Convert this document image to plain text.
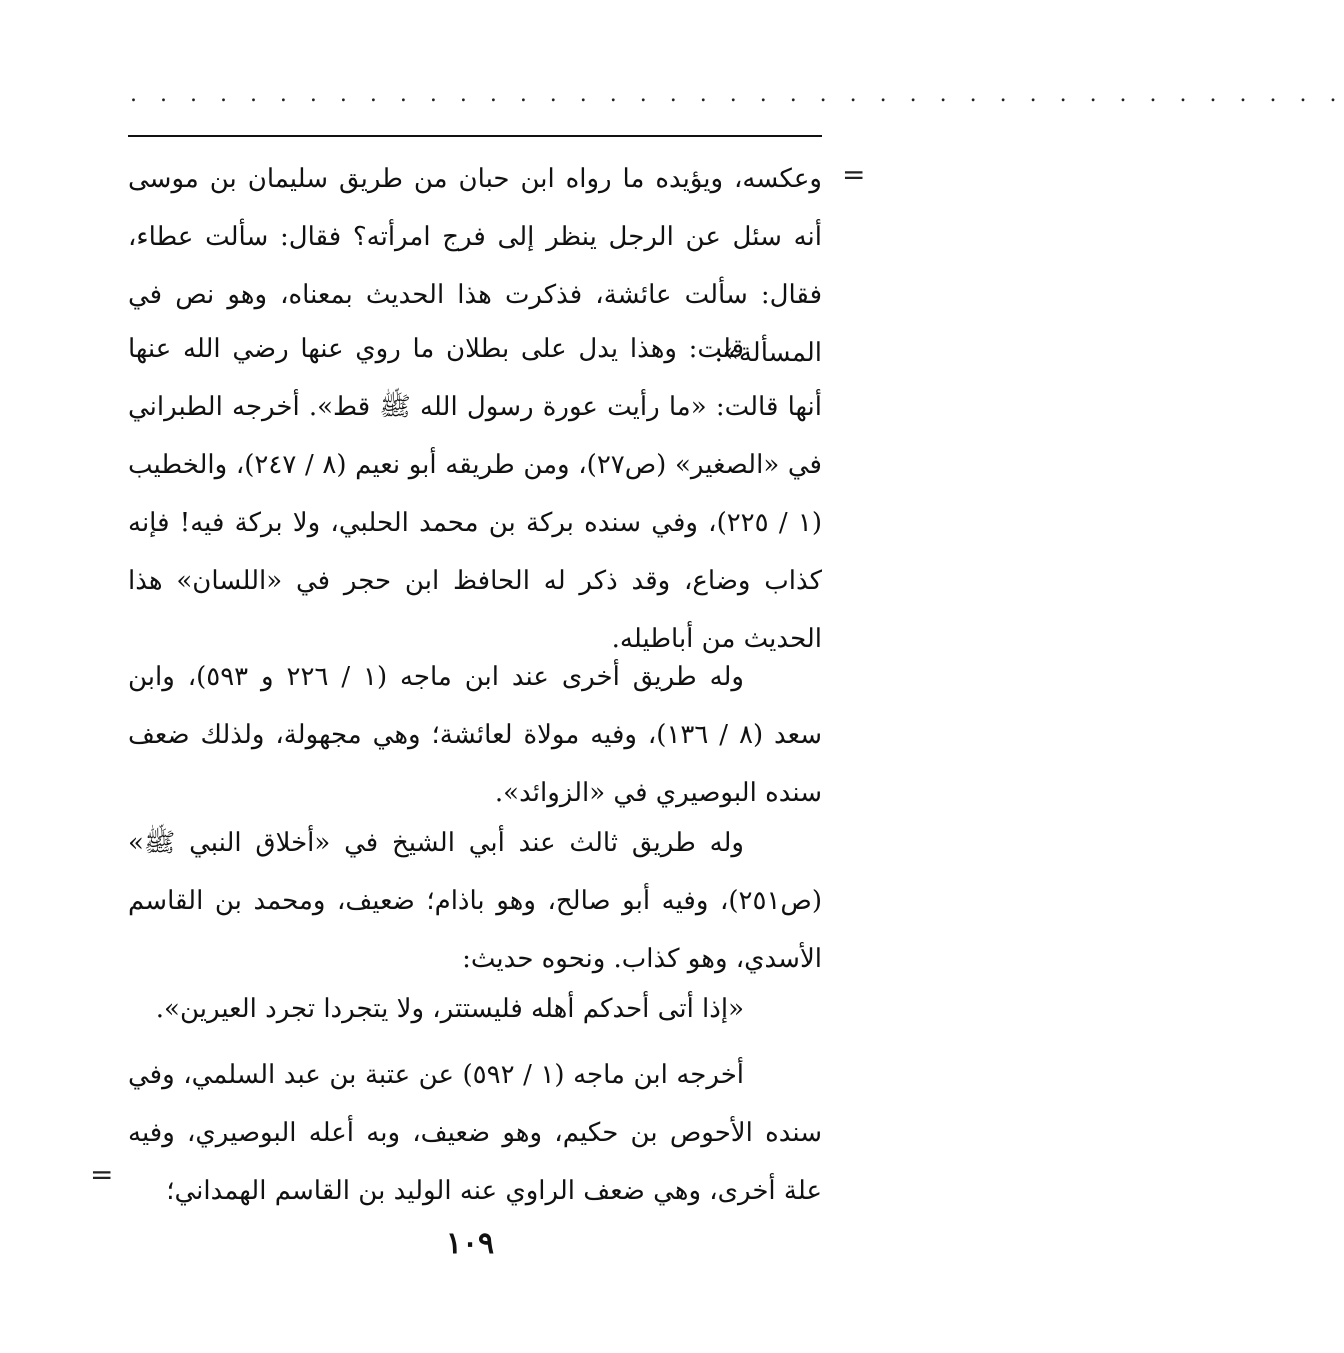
. . . . . . . . . . . . . . . . . . . . . . . . . . . . . . . . . . . . . . . . .
=

وعكسه، ويؤيده ما رواه ابن حبان من طريق سليمان بن موسى أنه سئل عن الرجل ينظر إلى فرج امرأته؟ فقال: سألت عطاء، فقال: سألت عائشة، فذكرت هذا الحديث بمعناه، وهو نص في المسألة».

قلت: وهذا يدل على بطلان ما روي عنها رضي الله عنها أنها قالت: «ما رأيت عورة رسول الله ﷺ قط». أخرجه الطبراني في «الصغير» (ص٢٧)، ومن طريقه أبو نعيم (٨ / ٢٤٧)، والخطيب (١ / ٢٢٥)، وفي سنده بركة بن محمد الحلبي، ولا بركة فيه! فإنه كذاب وضاع، وقد ذكر له الحافظ ابن حجر في «اللسان» هذا الحديث من أباطيله.

وله طريق أخرى عند ابن ماجه (١ / ٢٢٦ و ٥٩٣)، وابن سعد (٨ / ١٣٦)، وفيه مولاة لعائشة؛ وهي مجهولة، ولذلك ضعف سنده البوصيري في «الزوائد».

وله طريق ثالث عند أبي الشيخ في «أخلاق النبي ﷺ» (ص٢٥١)، وفيه أبو صالح، وهو باذام؛ ضعيف، ومحمد بن القاسم الأسدي، وهو كذاب. ونحوه حديث:

«إذا أتى أحدكم أهله فليستتر، ولا يتجردا تجرد العيرين».

أخرجه ابن ماجه (١ / ٥٩٢) عن عتبة بن عبد السلمي، وفي سنده الأحوص بن حكيم، وهو ضعيف، وبه أعله البوصيري، وفيه علة أخرى، وهي ضعف الراوي عنه الوليد بن القاسم الهمداني؛

=
١٠٩
